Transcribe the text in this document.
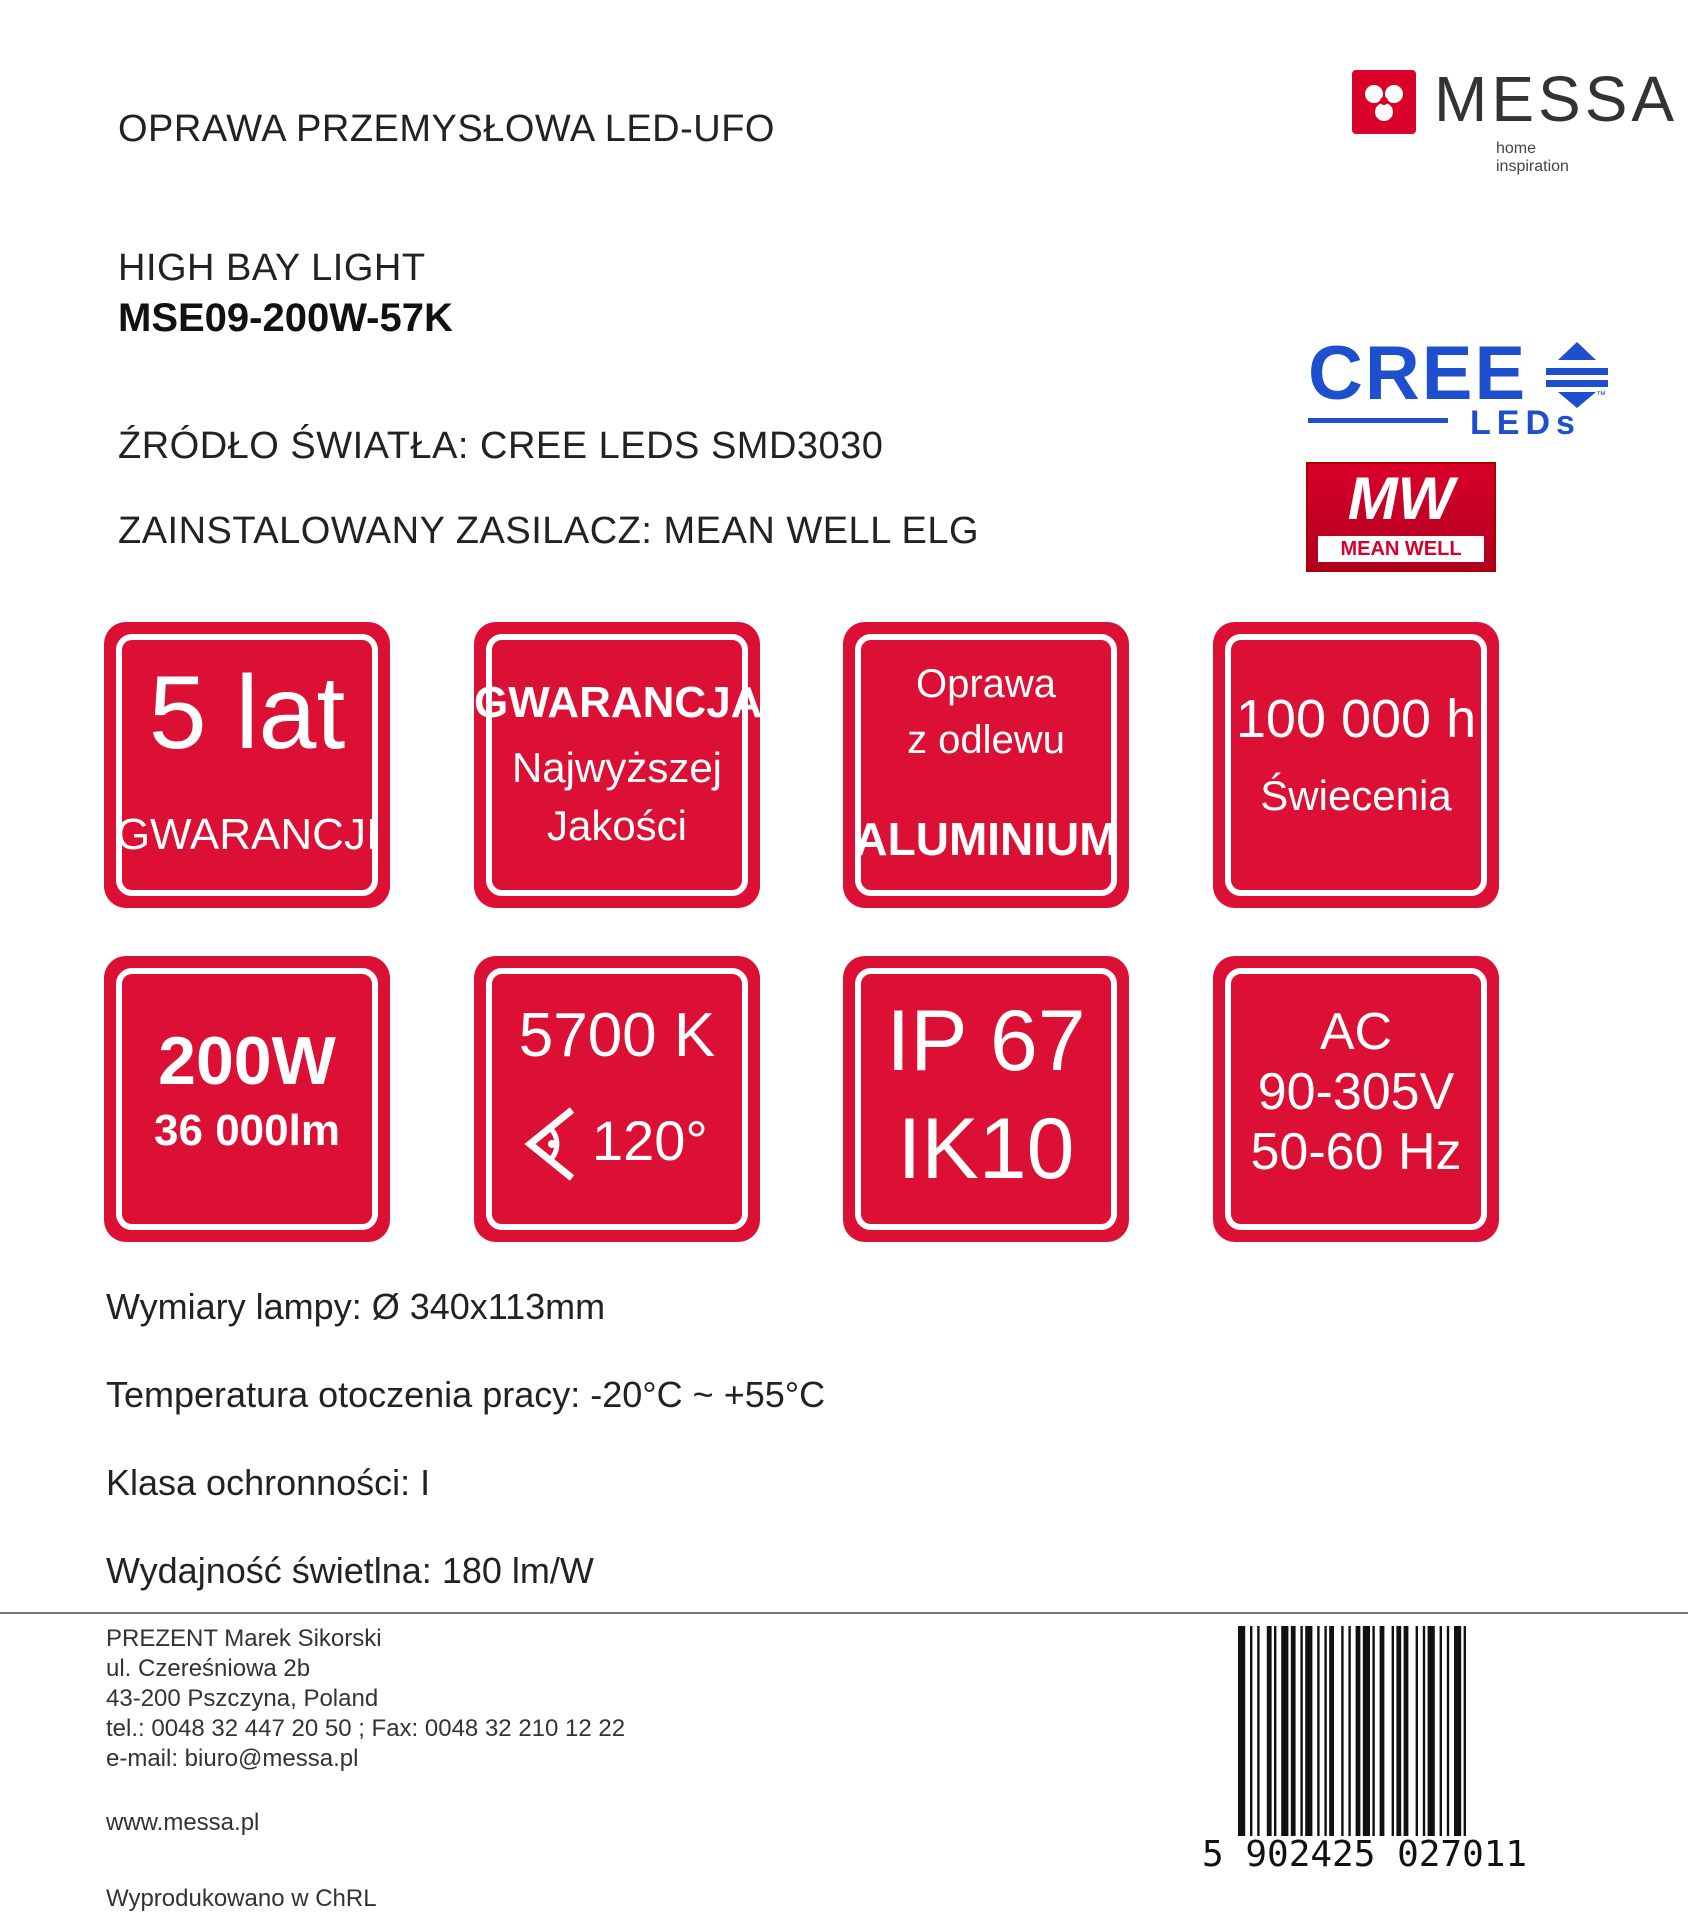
OPRAWA PRZEMYSŁOWA LED-UFO
HIGH BAY LIGHT
MSE09-200W-57K
ŹRÓDŁO ŚWIATŁA: CREE LEDS SMD3030
ZAINSTALOWANY ZASILACZ: MEAN WELL ELG
MESSA
home inspiration
CREE	™
LEDs
MW
MEAN WELL
5 lat
GWARANCJI
GWARANCJA
Najwyższej
Jakości
Oprawa
z odlewu
ALUMINIUM
100 000 h
Świecenia
200W
36 000lm
5700 K
120°
IP 67
IK10
AC
90-305V
50-60 Hz
Wymiary lampy: Ø 340x113mm
Temperatura otoczenia pracy: -20°C ~ +55°C
Klasa ochronności: I
Wydajność świetlna: 180 lm/W
PREZENT Marek Sikorski
ul. Czereśniowa 2b
43-200 Pszczyna, Poland
tel.: 0048 32 447 20 50 ; Fax: 0048 32 210 12 22
e-mail: biuro@messa.pl
www.messa.pl
Wyprodukowano w ChRL
5 902425 027011
